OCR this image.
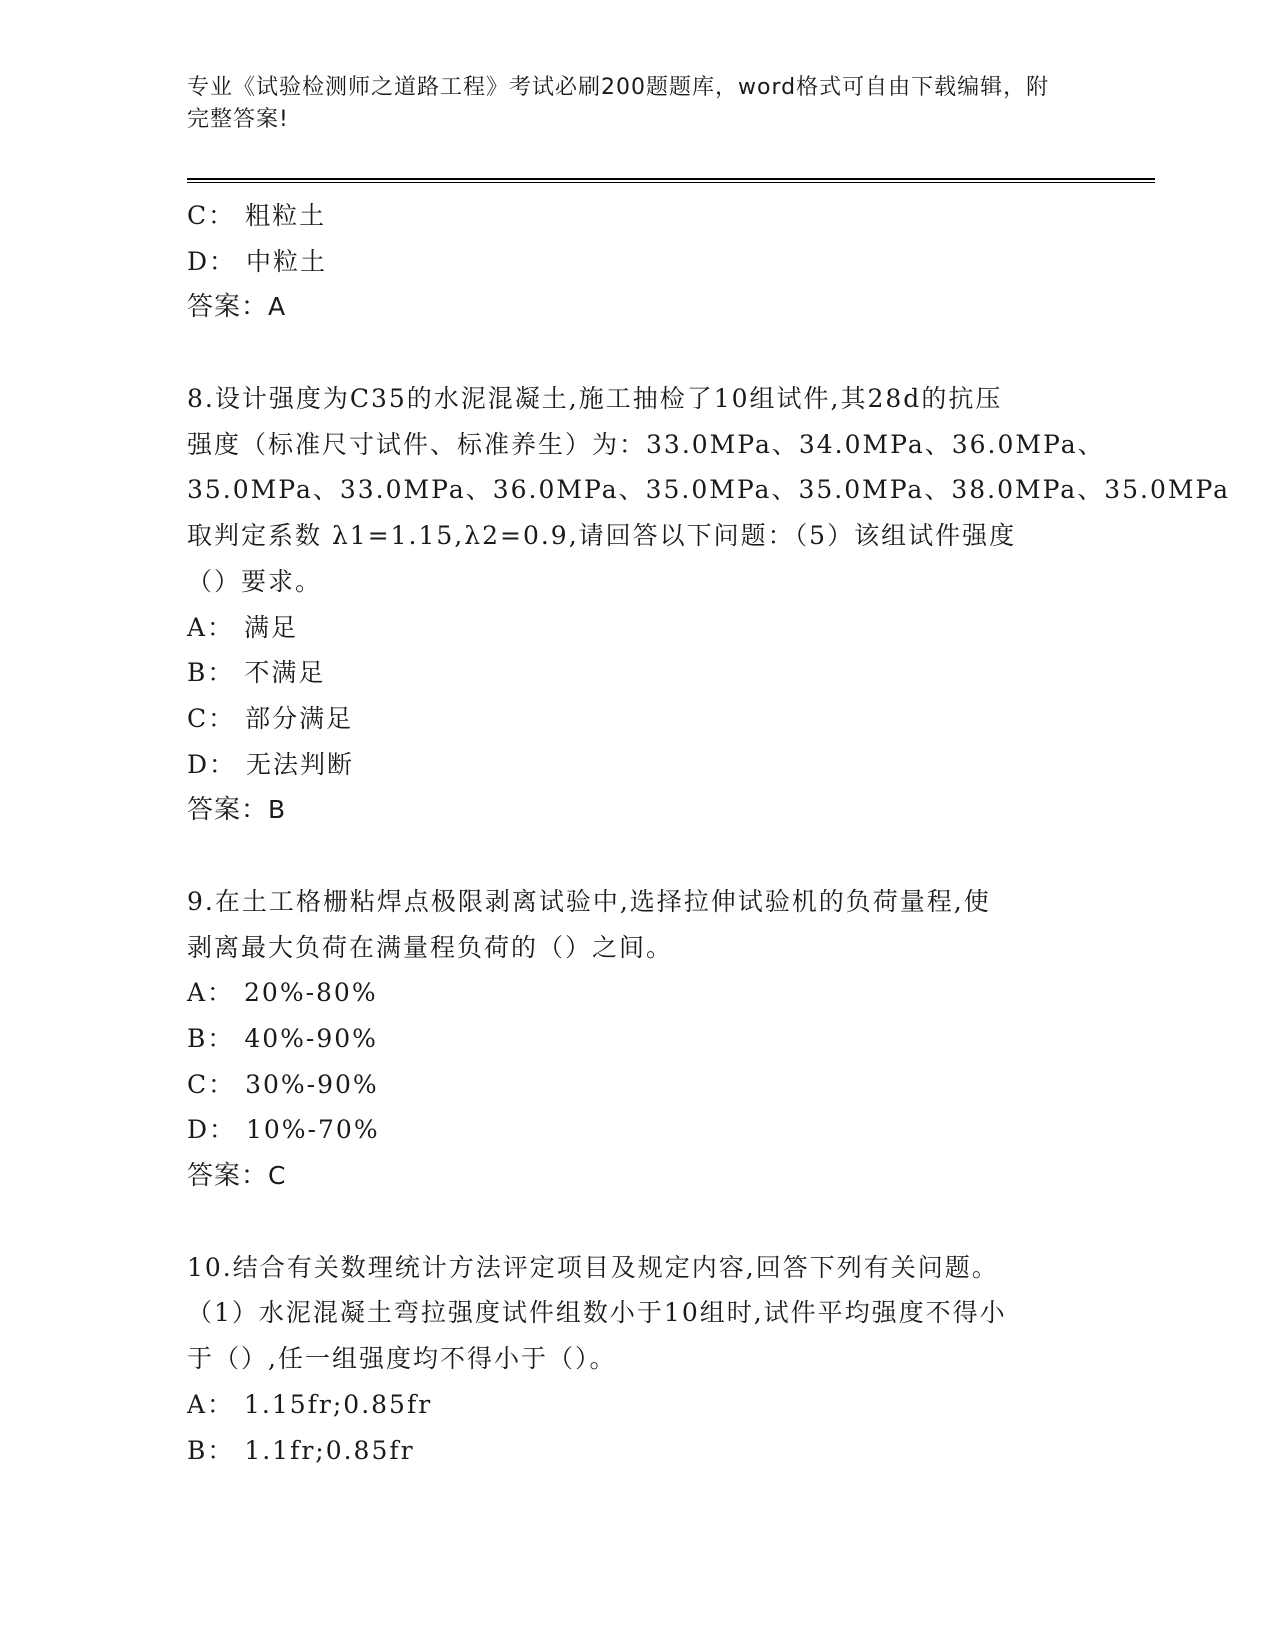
专业《试验检测师之道路工程》考试必刷200题题库，word格式可自由下载编辑，附完整答案!
C： 粗粒土
D： 中粒土
答案：A
8.设计强度为C35的水泥混凝土,施工抽检了10组试件,其28d的抗压
强度（标准尺寸试件、标准养生）为：33.0MPa、34.0MPa、36.0MPa、
35.0MPa、33.0MPa、36.0MPa、35.0MPa、35.0MPa、38.0MPa、35.0MPa
取判定系数 λ1=1.15,λ2=0.9,请回答以下问题：（5）该组试件强度
（）要求。
A： 满足
B： 不满足
C： 部分满足
D： 无法判断
答案：B
9.在土工格栅粘焊点极限剥离试验中,选择拉伸试验机的负荷量程,使
剥离最大负荷在满量程负荷的（）之间。
A： 20%-80%
B： 40%-90%
C： 30%-90%
D： 10%-70%
答案：C
10.结合有关数理统计方法评定项目及规定内容,回答下列有关问题。
（1）水泥混凝土弯拉强度试件组数小于10组时,试件平均强度不得小
于（）,任一组强度均不得小于（）。
A： 1.15fr;0.85fr
B： 1.1fr;0.85fr
